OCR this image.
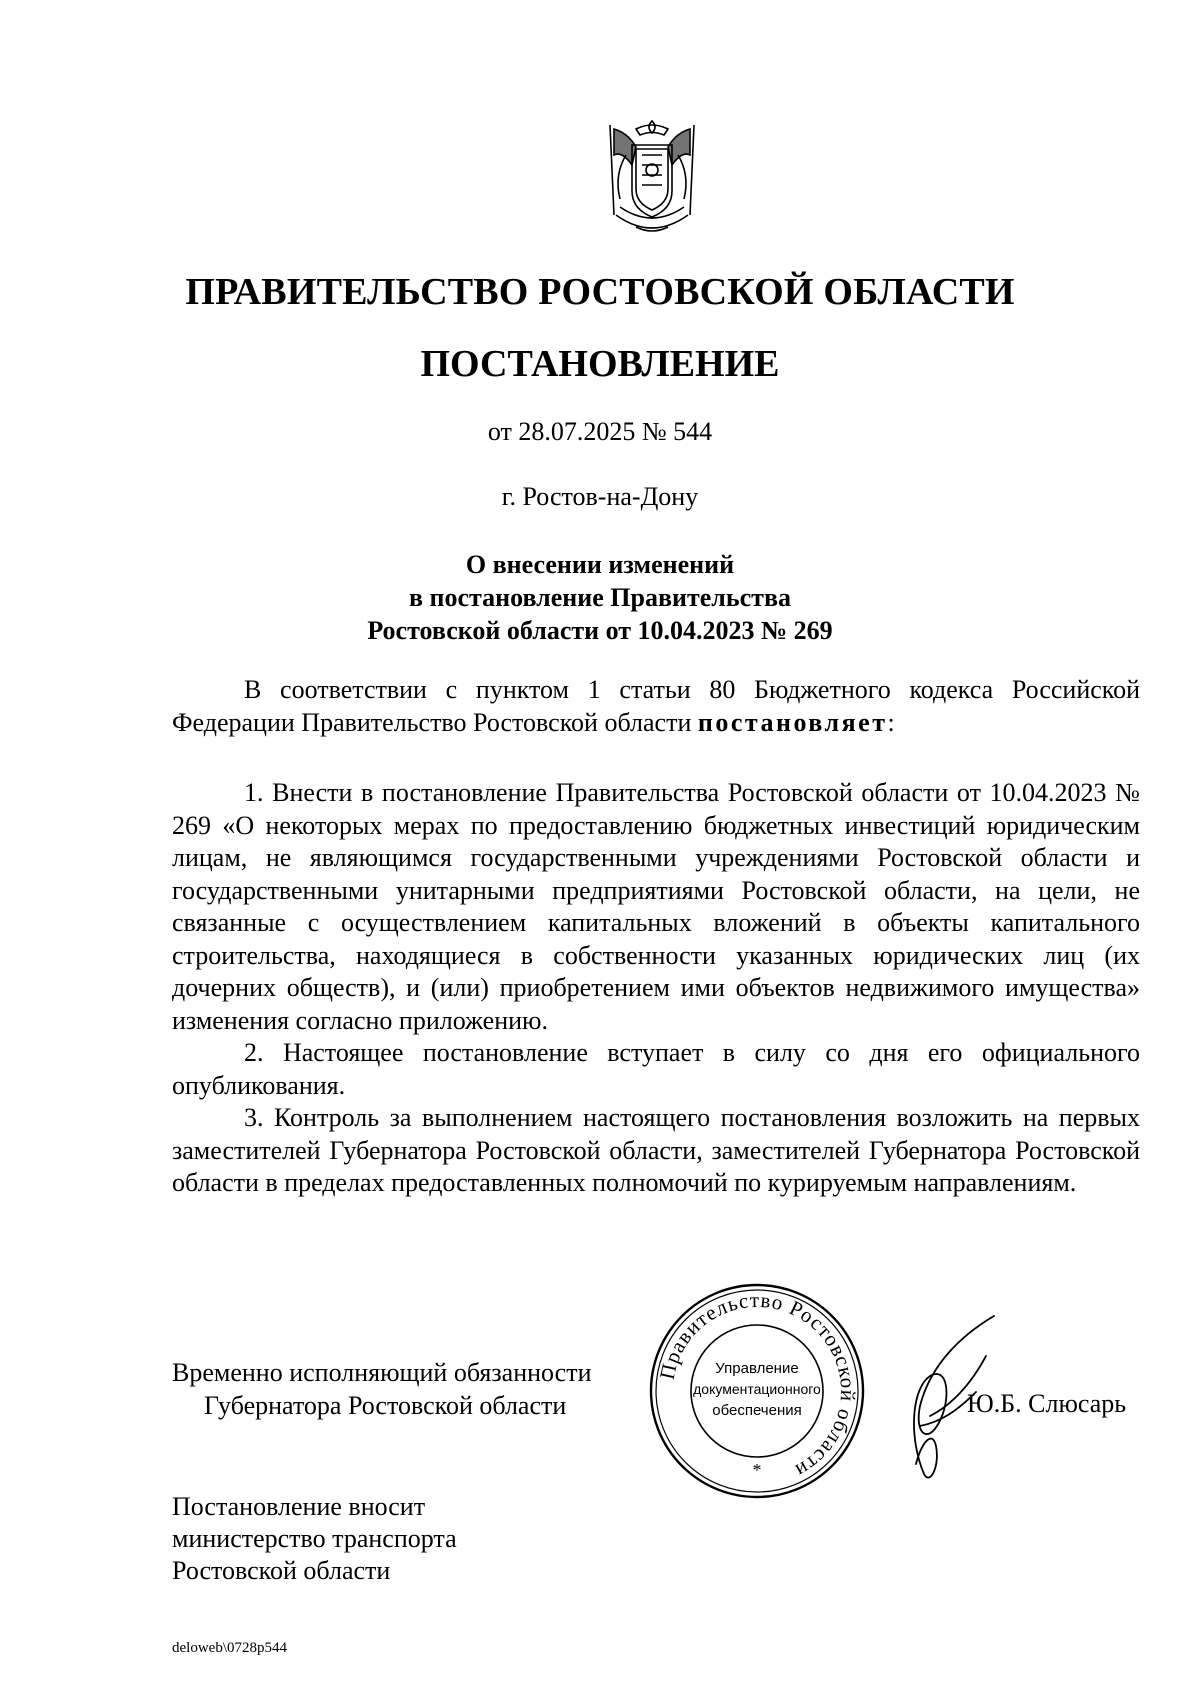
ПРАВИТЕЛЬСТВО РОСТОВСКОЙ ОБЛАСТИ
ПОСТАНОВЛЕНИЕ
от 28.07.2025 № 544
г. Ростов-на-Дону
О внесении изменений
в постановление Правительства
Ростовской области от 10.04.2023 № 269
В соответствии с пунктом 1 статьи 80 Бюджетного кодекса Российской Федерации Правительство Ростовской области постановляет:
1. Внести в постановление Правительства Ростовской области от 10.04.2023 № 269 «О некоторых мерах по предоставлению бюджетных инвестиций юридическим лицам, не являющимся государственными учреждениями Ростовской области и государственными унитарными предприятиями Ростовской области, на цели, не связанные с осуществлением капитальных вложений в объекты капитального строительства, находящиеся в собственности указанных юридических лиц (их дочерних обществ), и (или) приобретением ими объектов недвижимого имущества» изменения согласно приложению.
2. Настоящее постановление вступает в силу со дня его официального опубликования.
3. Контроль за выполнением настоящего постановления возложить на первых заместителей Губернатора Ростовской области, заместителей Губернатора Ростовской области в пределах предоставленных полномочий по курируемым направлениям.
Временно исполняющий обязанности
Губернатора Ростовской области
Правительство Ростовской области
Управление
документационного
обеспечения
*
Ю.Б. Слюсарь
Постановление вносит
министерство транспорта
Ростовской области
deloweb\0728p544
